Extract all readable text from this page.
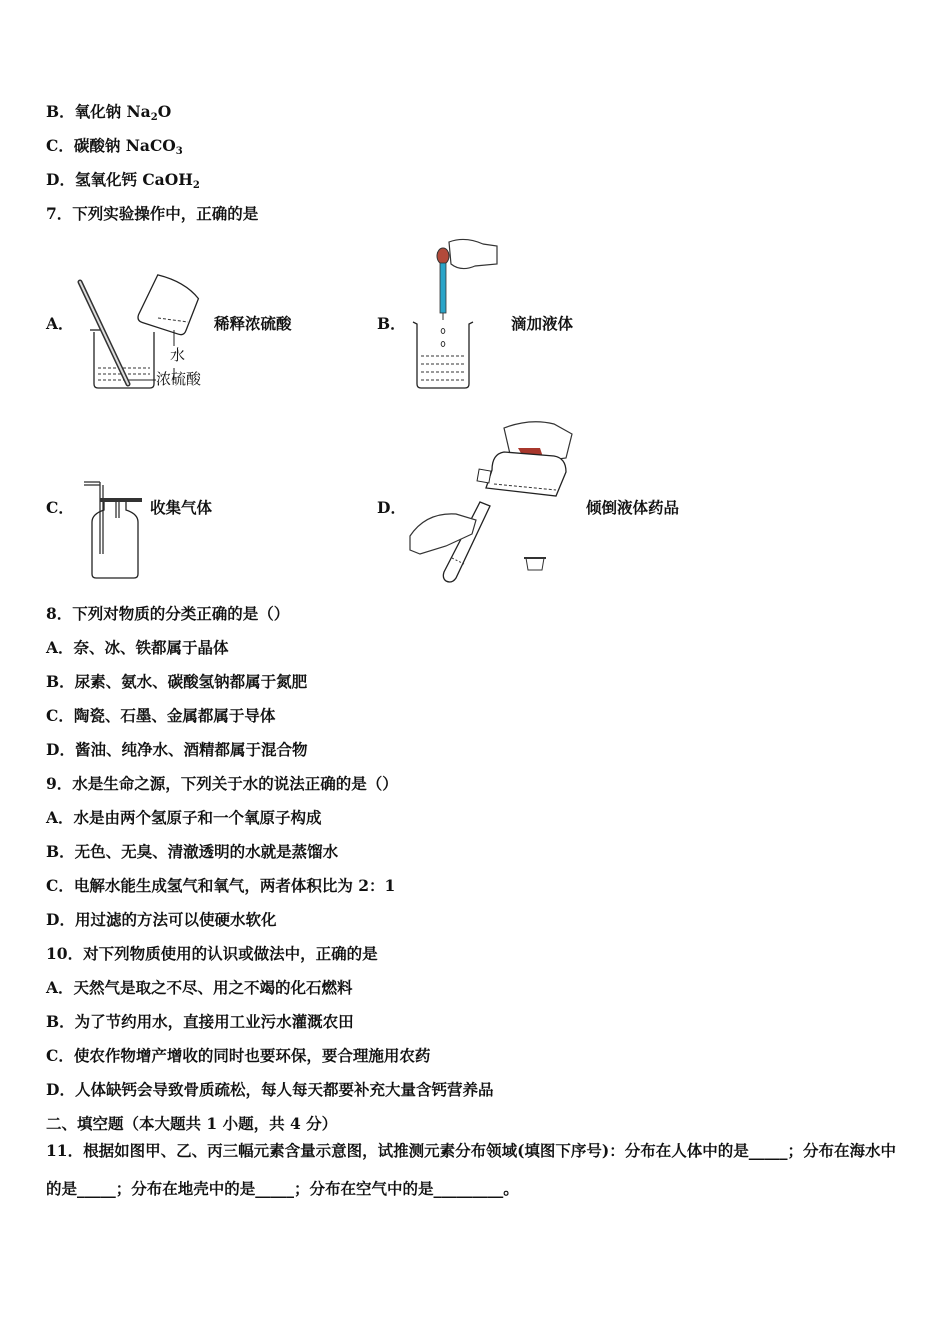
B．氧化钠 $Na_2O$
C．碳酸钠 NaCO$_3$
D．氢氧化钙 CaOH$_2$
7．下列实验操作中，正确的是
A．
水
浓硫酸
稀释浓硫酸	B．	滴加液体
C．	收集气体	D．	倾倒液体药品
8．下列对物质的分类正确的是（）
A．奈、冰、铁都属于晶体
B．尿素、氨水、碳酸氢钠都属于氮肥
C．陶瓷、石墨、金属都属于导体
D．酱油、纯净水、酒精都属于混合物
9．水是生命之源，下列关于水的说法正确的是（）
A．水是由两个氢原子和一个氧原子构成
B．无色、无臭、清澈透明的水就是蒸馏水
C．电解水能生成氢气和氧气，两者体积比为 2：1
D．用过滤的方法可以使硬水软化
10．对下列物质使用的认识或做法中，正确的是
A．天然气是取之不尽、用之不竭的化石燃料
B．为了节约用水，直接用工业污水灌溉农田
C．使农作物增产增收的同时也要环保，要合理施用农药
D．人体缺钙会导致骨质疏松，每人每天都要补充大量含钙营养品
二、填空题（本大题共 1 小题，共 4 分）
11．根据如图甲、乙、丙三幅元素含量示意图，试推测元素分布领域(填图下序号)：分布在人体中的是_____；分布在海水中的是_____；分布在地壳中的是_____；分布在空气中的是_________。
